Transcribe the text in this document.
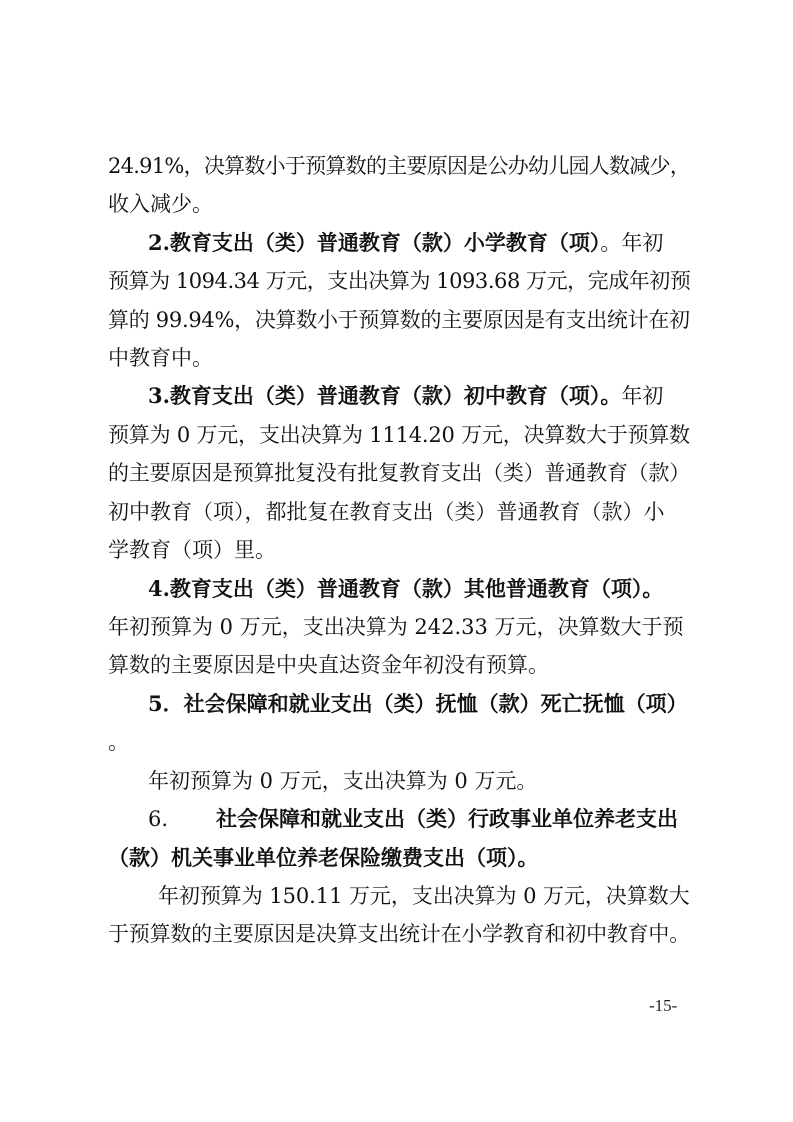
24.91%，决算数小于预算数的主要原因是公办幼儿园人数减少，
收入减少。
2.教育支出（类）普通教育（款）小学教育（项）。年初
预算为 1094.34 万元，支出决算为 1093.68 万元，完成年初预
算的 99.94%，决算数小于预算数的主要原因是有支出统计在初
中教育中。
3.教育支出（类）普通教育（款）初中教育（项）。年初
预算为 0 万元，支出决算为 1114.20 万元，决算数大于预算数
的主要原因是预算批复没有批复教育支出（类）普通教育（款）
初中教育（项），都批复在教育支出（类）普通教育（款）小
学教育（项）里。
4.教育支出（类）普通教育（款）其他普通教育（项）。
年初预算为 0 万元，支出决算为 242.33 万元，决算数大于预
算数的主要原因是中央直达资金年初没有预算。
5．社会保障和就业支出（类）抚恤（款）死亡抚恤（项）
。
年初预算为 0 万元，支出决算为 0 万元。
6. 社会保障和就业支出（类）行政事业单位养老支出
（款）机关事业单位养老保险缴费支出（项）。
年初预算为 150.11 万元，支出决算为 0 万元，决算数大
于预算数的主要原因是决算支出统计在小学教育和初中教育中。
-15-
